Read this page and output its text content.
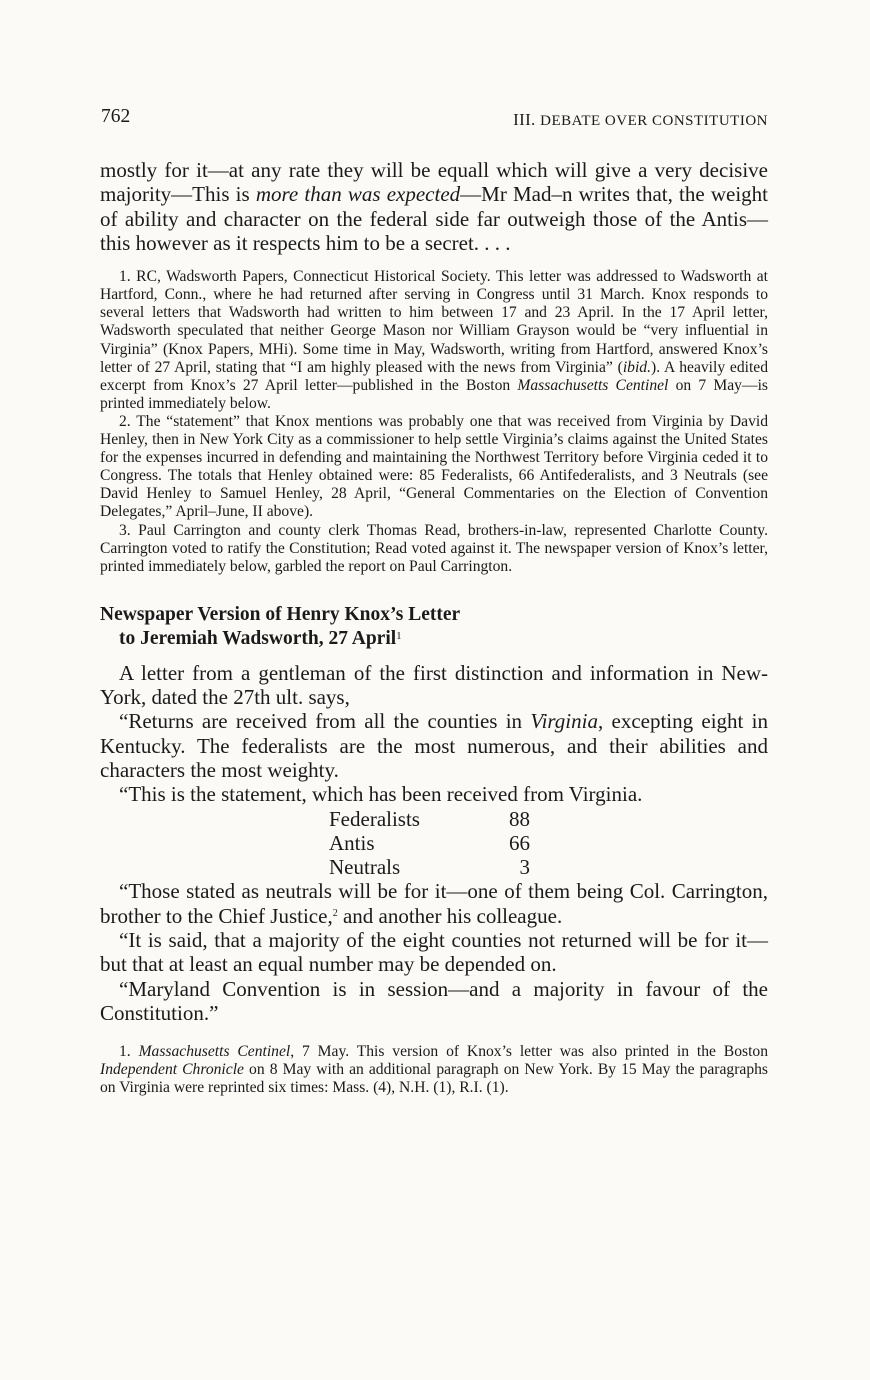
762	III. DEBATE OVER CONSTITUTION

mostly for it—at any rate they will be equall which will give a very decisive majority—This is more than was expected—Mr Mad–n writes that, the weight of ability and character on the federal side far outweigh those of the Antis—this however as it respects him to be a secret. . . .

1. RC, Wadsworth Papers, Connecticut Historical Society. This letter was addressed to Wadsworth at Hartford, Conn., where he had returned after serving in Congress until 31 March. Knox responds to several letters that Wadsworth had written to him between 17 and 23 April. In the 17 April letter, Wadsworth speculated that neither George Mason nor William Grayson would be “very influential in Virginia” (Knox Papers, MHi). Some time in May, Wadsworth, writing from Hartford, answered Knox’s letter of 27 April, stating that “I am highly pleased with the news from Virginia” (ibid.). A heavily edited excerpt from Knox’s 27 April letter—published in the Boston Massachusetts Centinel on 7 May—is printed immediately below.

2. The “statement” that Knox mentions was probably one that was received from Virginia by David Henley, then in New York City as a commissioner to help settle Virginia’s claims against the United States for the expenses incurred in defending and maintaining the Northwest Territory before Virginia ceded it to Congress. The totals that Henley obtained were: 85 Federalists, 66 Antifederalists, and 3 Neutrals (see David Henley to Samuel Henley, 28 April, “General Commentaries on the Election of Convention Delegates,” April–June, II above).

3. Paul Carrington and county clerk Thomas Read, brothers-in-law, represented Charlotte County. Carrington voted to ratify the Constitution; Read voted against it. The newspaper version of Knox’s letter, printed immediately below, garbled the report on Paul Carrington.

Newspaper Version of Henry Knox’s Letter
to Jeremiah Wadsworth, 27 April$^1$

A letter from a gentleman of the first distinction and information in New-York, dated the 27th ult. says,

“Returns are received from all the counties in Virginia, excepting eight in Kentucky. The federalists are the most numerous, and their abilities and characters the most weighty.

“This is the statement, which has been received from Virginia.

Federalists	88
Antis	66
Neutrals	3

“Those stated as neutrals will be for it—one of them being Col. Carrington, brother to the Chief Justice,$^2$ and another his colleague.

“It is said, that a majority of the eight counties not returned will be for it—but that at least an equal number may be depended on.

“Maryland Convention is in session—and a majority in favour of the Constitution.”

1. Massachusetts Centinel, 7 May. This version of Knox’s letter was also printed in the Boston Independent Chronicle on 8 May with an additional paragraph on New York. By 15 May the paragraphs on Virginia were reprinted six times: Mass. (4), N.H. (1), R.I. (1).
